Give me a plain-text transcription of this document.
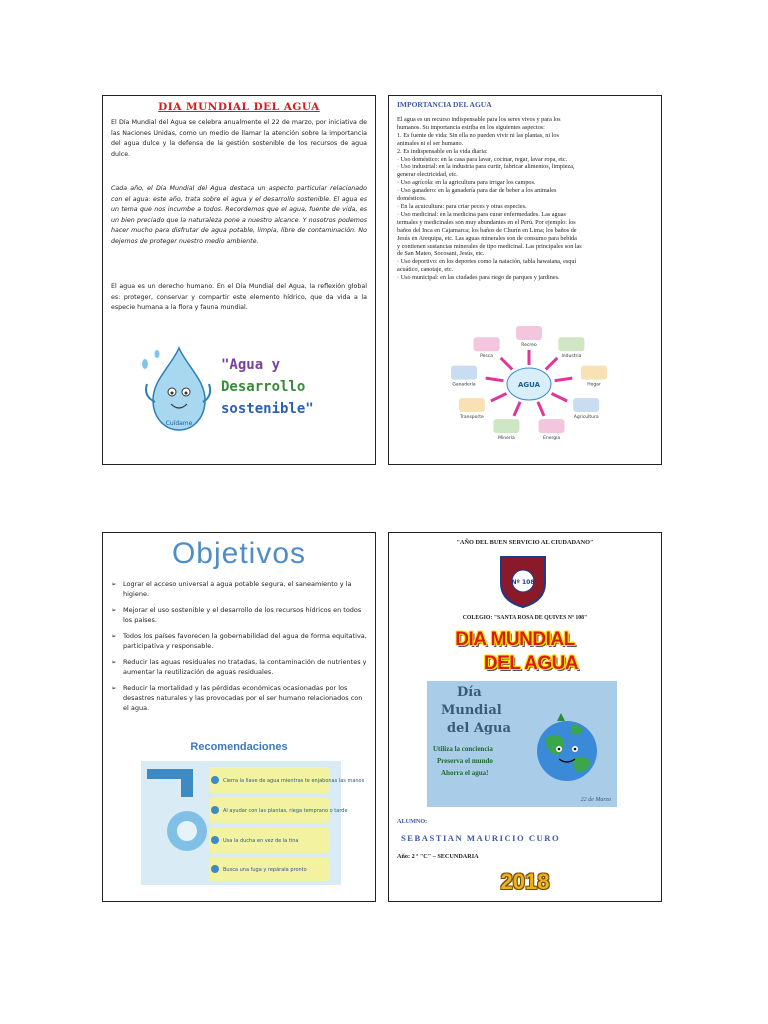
DIA MUNDIAL DEL AGUA
El Día Mundial del Agua se celebra anualmente el 22 de marzo, por iniciativa de las Naciones Unidas, como un medio de llamar la atención sobre la importancia del agua dulce y la defensa de la gestión sostenible de los recursos de agua dulce.
Cada año, el Día Mundial del Agua destaca un aspecto particular relacionado con el agua: este año, trata sobre el agua y el desarrollo sostenible. El agua es un tema que nos incumbe a todos. Recordemos que el agua, fuente de vida, es un bien preciado que la naturaleza pone a nuestro alcance. Y nosotros podemos hacer mucho para disfrutar de agua potable, limpia, libre de contaminación. No dejemos de proteger nuestro medio ambiente.
El agua es un derecho humano. En el Día Mundial del Agua, la reflexión global es: proteger, conservar y compartir este elemento hídrico, que da vida a la especie humana a la flora y fauna mundial.
Cuídame
"Agua y
Desarrollo
sostenible"
IMPORTANCIA DEL AGUA
El agua es un recurso indispensable para los seres vivos y para los
humanos. Su importancia estriba en los siguientes aspectos:
1. Es fuente de vida: Sin ella no pueden vivir ni las plantas, ni los
animales ni el ser humano.
2. Es indispensable en la vida diaria:
· Uso doméstico: en la casa para lavar, cocinar, regar, lavar ropa, etc.
· Uso industrial: en la industria para curtir, fabricar alimentos, limpieza,
generar electricidad, etc.
· Uso agrícola: en la agricultura para irrigar los campos.
· Uso ganadero: en la ganadería para dar de beber a los animales
domésticos.
· En la acuicultura: para criar peces y otras especies.
· Uso medicinal: en la medicina para curar enfermedades. Las aguas
termales y medicinales son muy abundantes en el Perú. Por ejemplo: los
baños del Inca en Cajamarca; los baños de Churín en Lima; los baños de
Jesús en Arequipa, etc. Las aguas minerales son de consumo para bebida
y contienen sustancias minerales de tipo medicinal. Las principales son las
de San Mateo, Socosani, Jesús, etc.
· Uso deportivo: en los deportes como la natación, tabla hawaiana, esquí
acuático, canotaje, etc.
· Uso municipal: en las ciudades para riego de parques y jardines.
AGUA
Recreo
Industria
Hogar
Agricultura
Energía
Minería
Transporte
Ganadería
Pesca
Objetivos
➢ Lograr el acceso universal a agua potable segura, el saneamiento y la higiene.
➢ Mejorar el uso sostenible y el desarrollo de los recursos hídricos en todos los países.
➢ Todos los países favorecen la gobernabilidad del agua de forma equitativa, participativa y responsable.
➢ Reducir las aguas residuales no tratadas, la contaminación de nutrientes y aumentar la reutilización de aguas residuales.
➢ Reducir la mortalidad y las pérdidas económicas ocasionadas por los desastres naturales y las provocadas por el ser humano relacionados con el agua.
Recomendaciones
Cierra la llave de agua mientras te enjabonas las manos
Al ayudar con las plantas, riega temprano o tarde
Usa la ducha en vez de la tina
Busca una fuga y repárala pronto
"AÑO DEL BUEN SERVICIO AL CIUDADANO"
Nº 108
COLEGIO: "SANTA ROSA DE QUIVES Nº 108"
DIA MUNDIAL
DEL AGUA
Día
Mundial
del Agua
Utiliza la conciencia
Preserva el mundo
Ahorra el agua!
22 de Marzo
ALUMNO:
SEBASTIAN MAURICIO CURO
Año: 2 º "C" – SECUNDARIA
2018
